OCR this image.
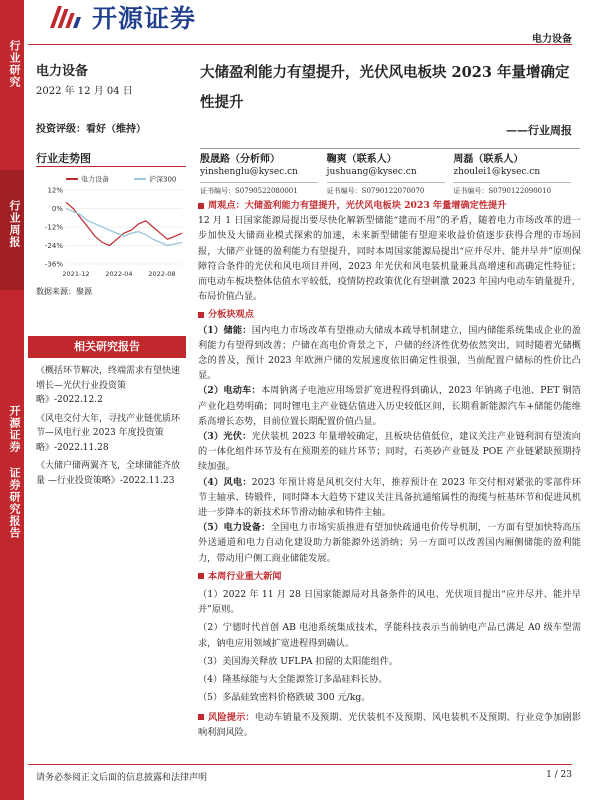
行业研究
行业周报
开源证券 证券研究报告
开源证券
电力设备
电力设备
2022 年 12 月 04 日
投资评级：看好（维持）
行业走势图
电力设备	沪深300
12%
0%
-12%
-24%
-36%
2021-12 2022-04 2022-08
数据来源：聚源
相关研究报告

《概括环节解决，终端需求有望快速增长—光伏行业投资策略》-2022.12.2

《风电交付大年，寻找产业链优质环节—风电行业 2023 年度投资策略》-2022.11.28

《大储户储两翼齐飞，全球储能齐放量 —行业投资策略》-2022.11.23

大储盈利能力有望提升，光伏风电板块 2023 年量增确定性提升
——行业周报
殷晟路（分析师）
yinshenglu@kysec.cn
证书编号：S0790522080001
鞠爽（联系人）
jushuang@kysec.cn
证书编号：S0790122070070
周磊（联系人）
zhoulei1@kysec.cn
证书编号：S0790122090010
周观点：大储盈利能力有望提升，光伏风电板块 2023 年量增确定性提升
12 月 1 日国家能源局提出要尽快化解新型储能“建而不用”的矛盾，随着电力市场改革的进一步加快及大储商业模式探索的加速，未来新型储能有望迎来收益价值逐步获得合理的市场回报，大储产业链的盈利能力有望提升，同时本周国家能源局提出“应并尽并、能并早并”原则保障符合条件的光伏和风电项目并网，2023 年光伏和风电装机量兼具高增速和高确定性特征；而电动车板块整体估值水平较低，疫情防控政策优化有望刺激 2023 年国内电动车销量提升，布局价值凸显。
分板块观点
（1）储能：国内电力市场改革有望推动大储成本疏导机制建立，国内储能系统集成企业的盈利能力有望得到改善；户储在高电价背景之下，户储的经济性优势依然突出，同时随着光储概念的普及，预计 2023 年欧洲户储的发展速度依旧确定性很强，当前配置户储标的性价比凸显。
（2）电动车：本周钠离子电池应用场景扩宽进程得到确认，2023 年钠离子电池、PET 铜箔产业化趋势明确；同时锂电主产业链估值进入历史较低区间，长期看新能源汽车+储能仍能维系高增长态势，目前位置长期配置价值凸显。
（3）光伏：光伏装机 2023 年量增较确定，且板块估值低位，建议关注产业链利润有望流向的一体化组件环节及有在预期差的硅片环节；同时，石英砂产业链及 POE 产业链紧缺预期持续加强。
（4）风电：2023 年预计将是风机交付大年，推荐预计在 2023 年交付相对紧张的零部件环节主轴承、铸锻件，同时降本大趋势下建议关注具备抗通缩属性的海缆与桩基环节和促进风机进一步降本的新技术环节滑动轴承和铸件主轴。
（5）电力设备：全国电力市场实质推进有望加快疏通电价传导机制，一方面有望加快特高压外送通道和电力自动化建设助力新能源外送消纳；另一方面可以改善国内厢侧储能的盈利能力，带动用户侧工商业储能发展。
本周行业重大新闻

（1）2022 年 11 月 28 日国家能源局对具备条件的风电、光伏项目提出“应并尽并、能并早并”原则。

（2）宁德时代首创 AB 电池系统集成技术，孚能科技表示当前钠电产品已满足 A0 级车型需求，钠电应用领域扩宽进程得到确认。

（3）美国海关释放 UFLPA 扣留的太阳能组件。

（4）隆基绿能与大全能源签订多晶硅料长协。

（5）多晶硅致密料价格跌破 300 元/kg。

风险提示：电动车销量不及预期、光伏装机不及预期、风电装机不及预期、行业竞争加剧影响利润风险。
请务必参阅正文后面的信息披露和法律声明	1 / 23
